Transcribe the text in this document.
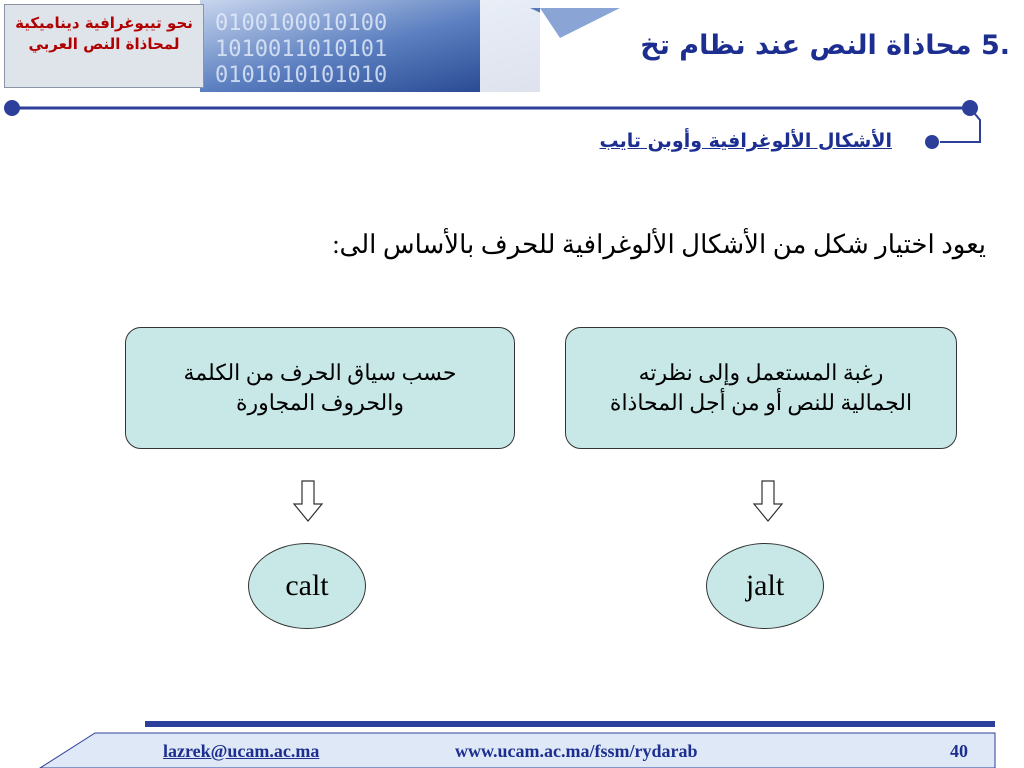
0100100010100
1010011010101
0101010101010
نحو تيبوغرافية ديناميكية
لمحاذاة النص العربي	.5 محاذاة النص عند نظام تخ
الأشكال الألوغرافية وأوبن تايب
يعود اختيار شكل من الأشكال الألوغرافية للحرف بالأساس الى:
رغبة المستعمل وإلى نظرته
الجمالية للنص أو من أجل المحاذاة
حسب سياق الحرف من الكلمة
والحروف المجاورة
jalt
calt
lazrek@ucam.ac.ma	www.ucam.ac.ma/fssm/rydarab	40
